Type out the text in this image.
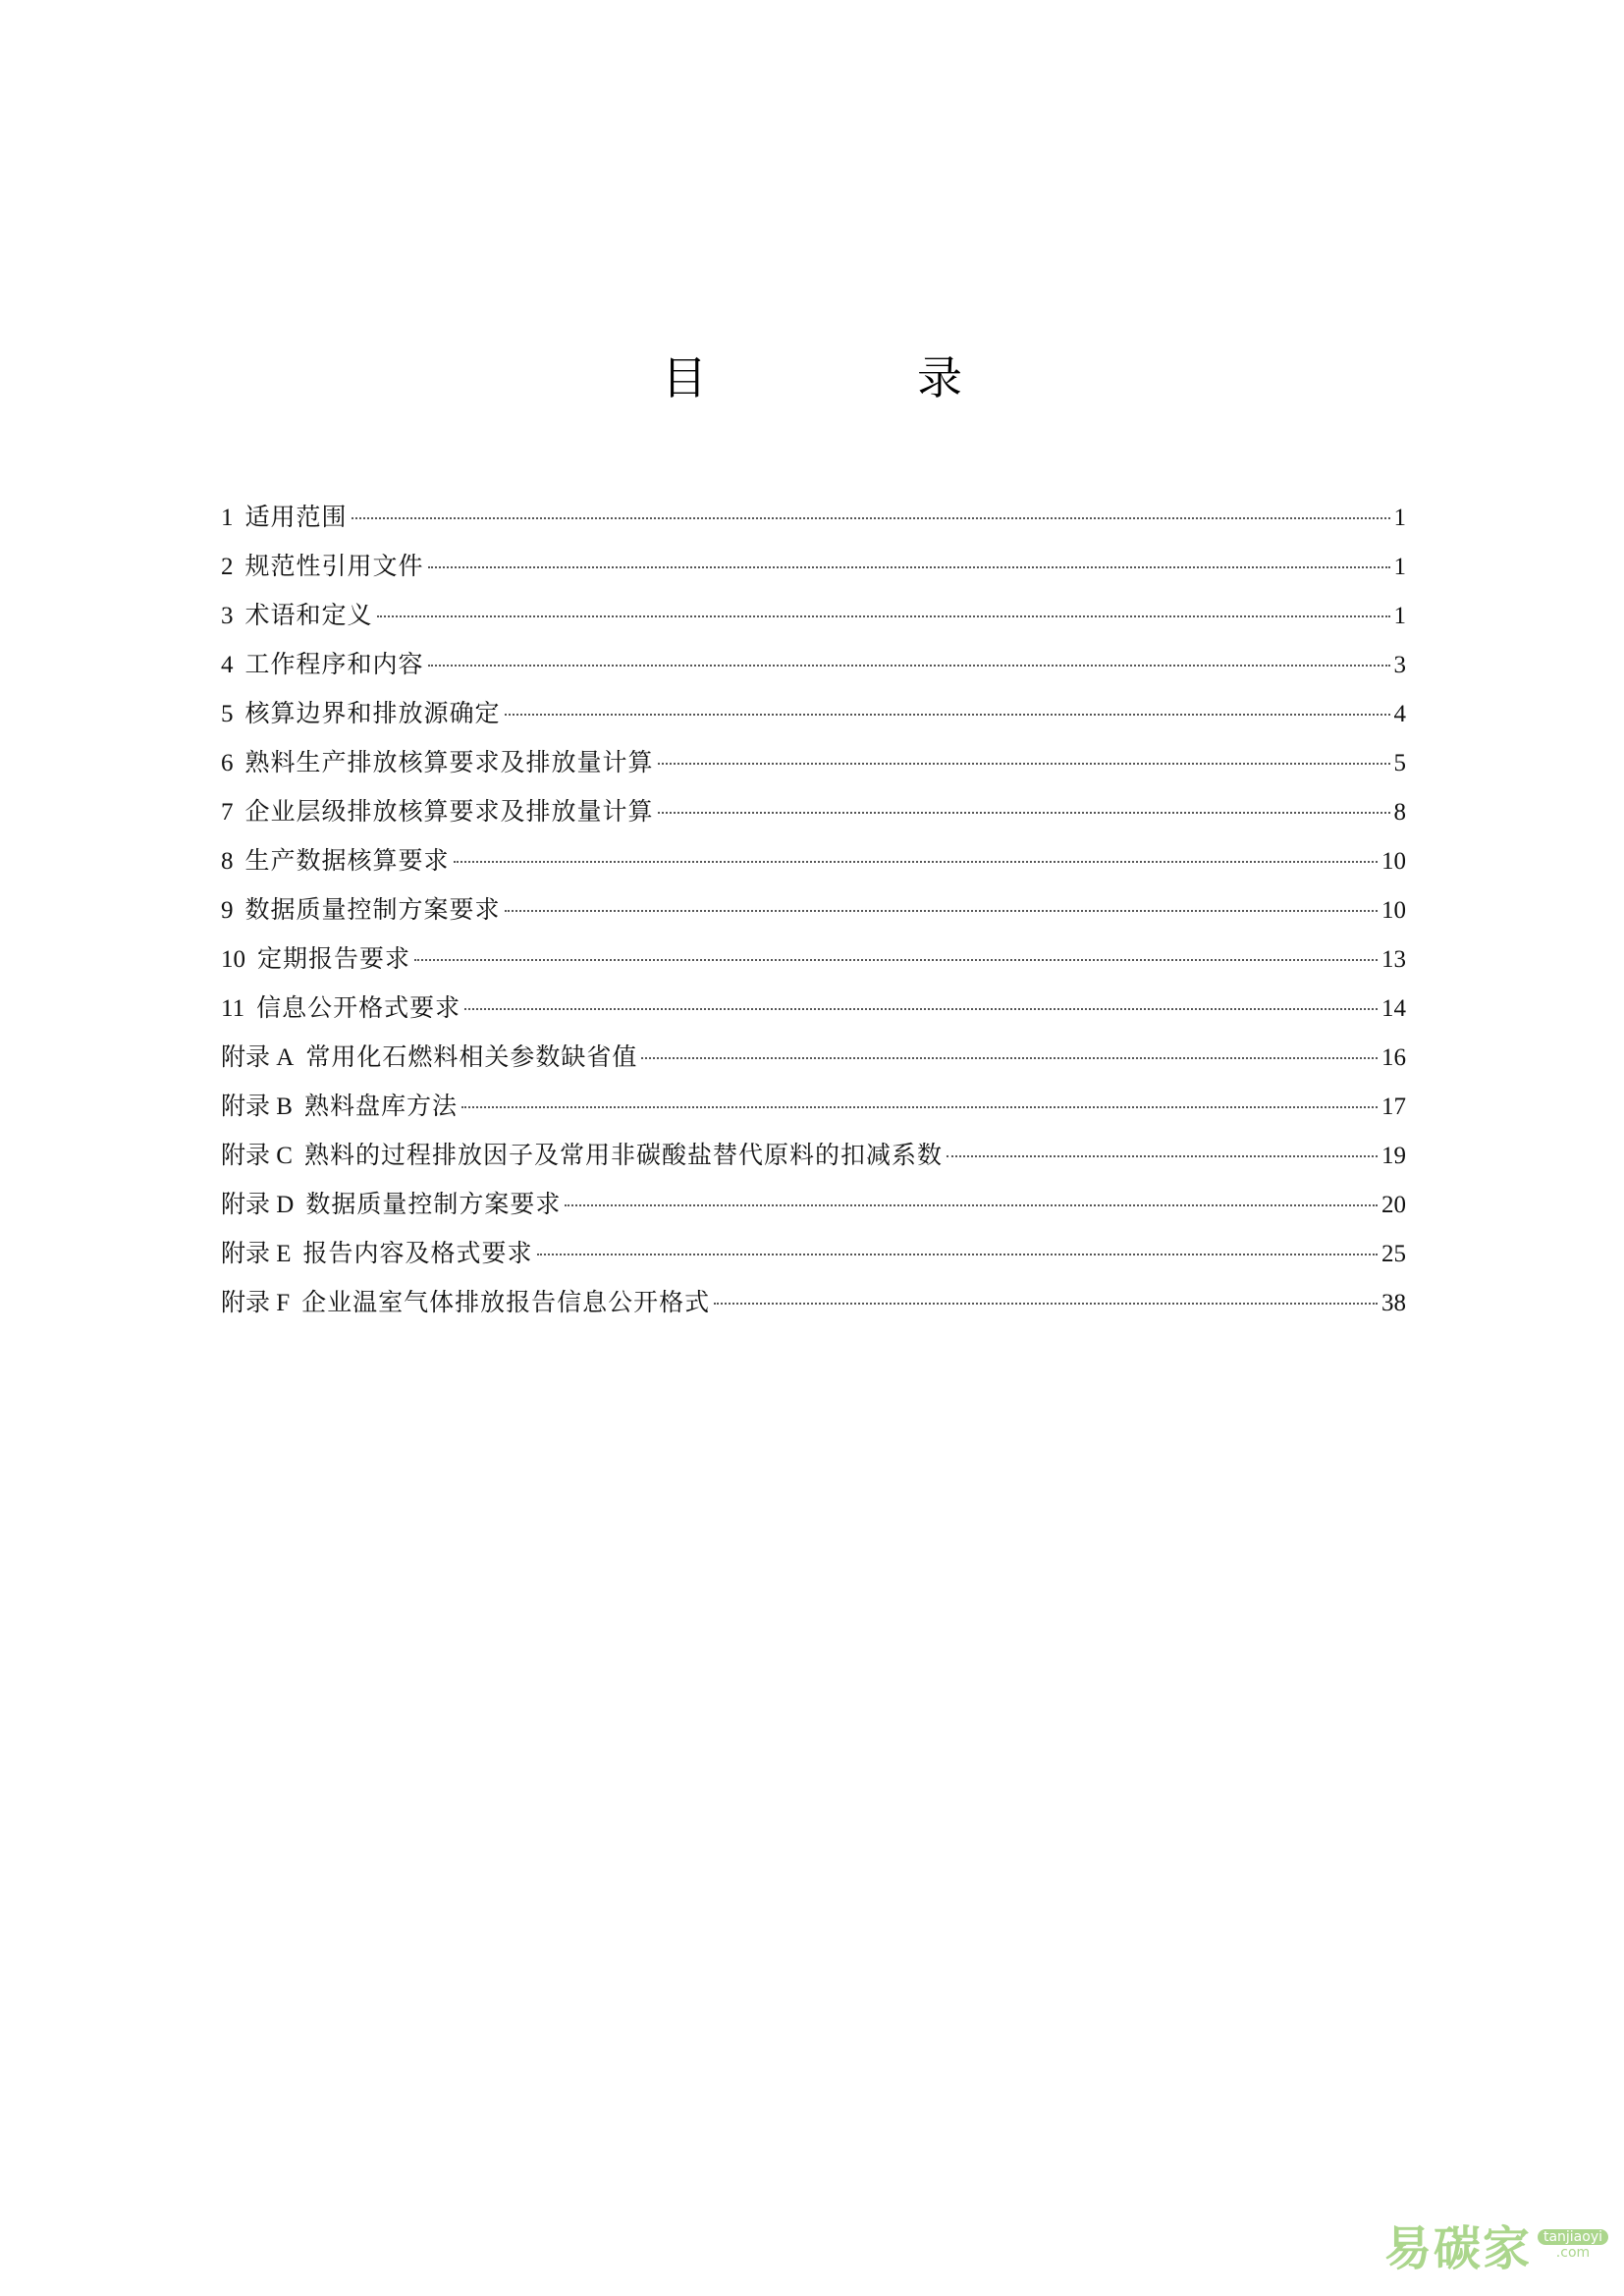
目　录
1 适用范围	1
2 规范性引用文件	1
3 术语和定义	1
4 工作程序和内容	3
5 核算边界和排放源确定	4
6 熟料生产排放核算要求及排放量计算	5
7 企业层级排放核算要求及排放量计算	8
8 生产数据核算要求	10
9 数据质量控制方案要求	10
10 定期报告要求	13
11 信息公开格式要求	14
附录 A 常用化石燃料相关参数缺省值	16
附录 B 熟料盘库方法	17
附录 C 熟料的过程排放因子及常用非碳酸盐替代原料的扣减系数	19
附录 D 数据质量控制方案要求	20
附录 E 报告内容及格式要求	25
附录 F 企业温室气体排放报告信息公开格式	38
易碳家 tanjiaoyi
.com
